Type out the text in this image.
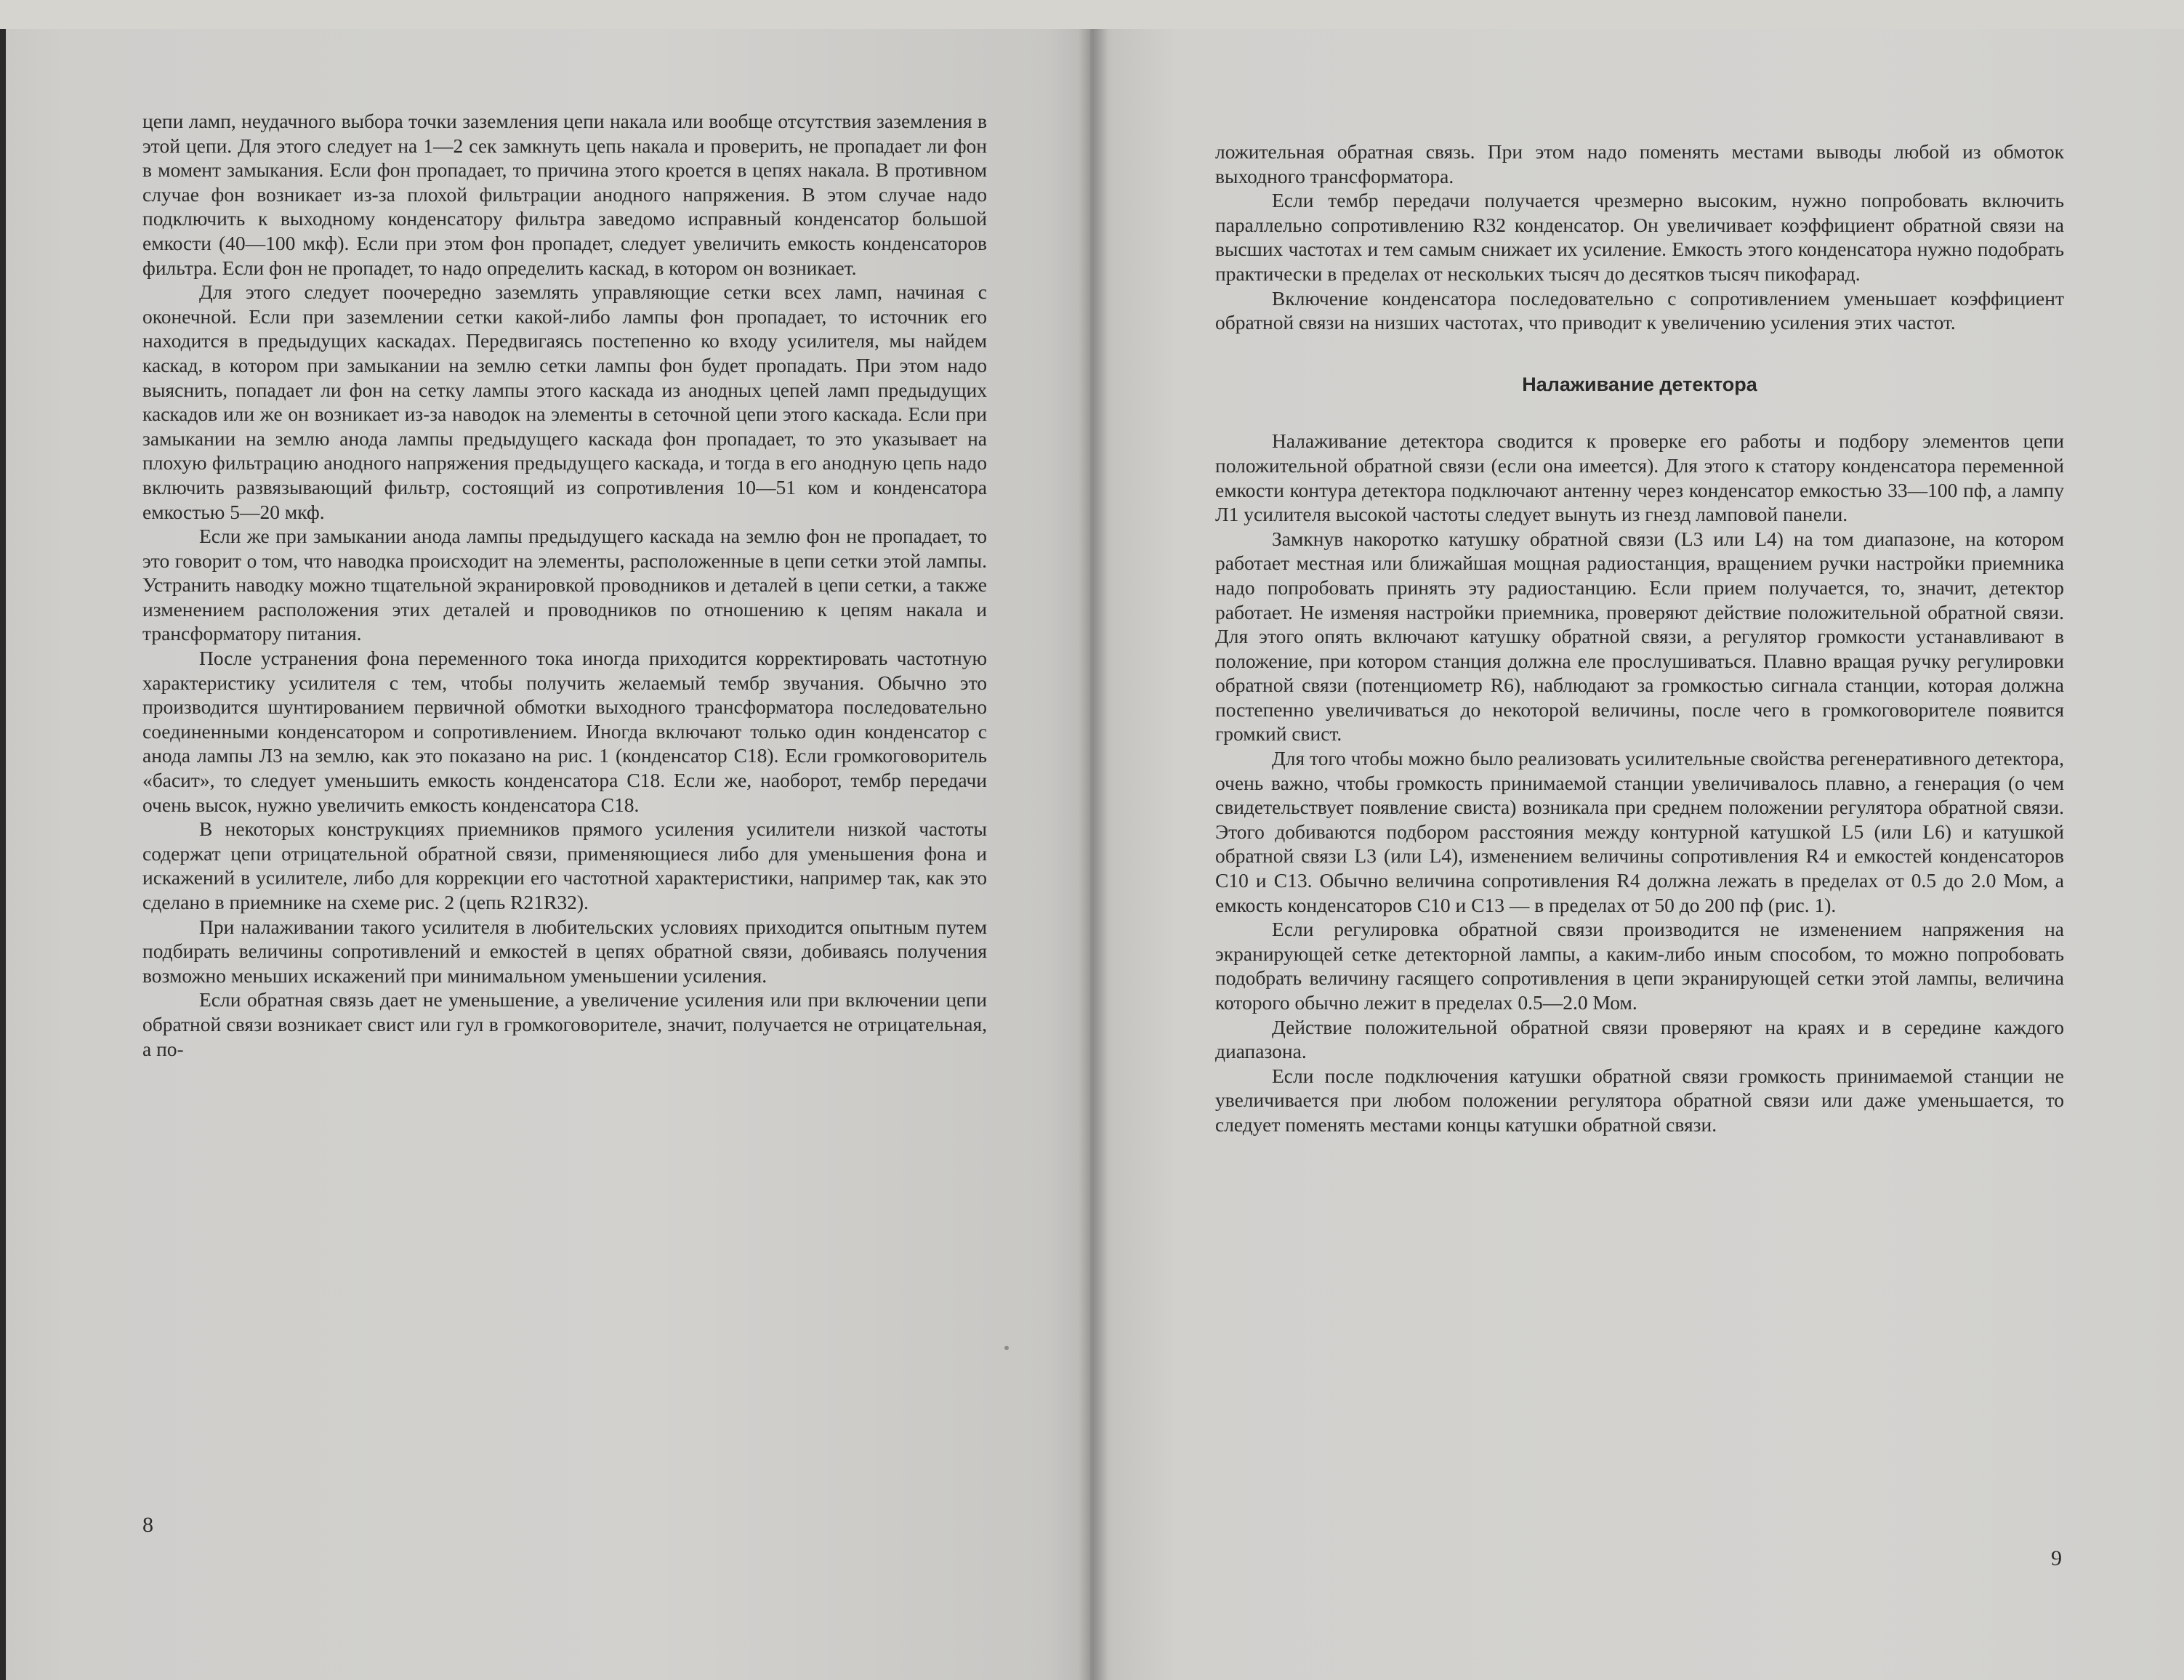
цепи ламп, неудачного выбора точки заземления цепи накала или вообще отсутствия заземления в этой цепи. Для этого следует на 1—2 сек замкнуть цепь накала и проверить, не пропадает ли фон в момент замыкания. Если фон пропадает, то причина этого кроется в цепях накала. В противном случае фон возникает из-за плохой фильтрации анодного напряжения. В этом случае надо подключить к выходному конденсатору фильтра заведомо исправный конденсатор большой емкости (40—100 мкф). Если при этом фон пропадет, следует увеличить емкость конденсаторов фильтра. Если фон не пропадет, то надо определить каскад, в котором он возникает.

Для этого следует поочередно заземлять управляющие сетки всех ламп, начиная с оконечной. Если при заземлении сетки какой-либо лампы фон пропадает, то источник его находится в предыдущих каскадах. Передвигаясь постепенно ко входу усилителя, мы найдем каскад, в котором при замыкании на землю сетки лампы фон будет пропадать. При этом надо выяснить, попадает ли фон на сетку лампы этого каскада из анодных цепей ламп предыдущих каскадов или же он возникает из-за наводок на элементы в сеточной цепи этого каскада. Если при замыкании на землю анода лампы предыдущего каскада фон пропадает, то это указывает на плохую фильтрацию анодного напряжения предыдущего каскада, и тогда в его анодную цепь надо включить развязывающий фильтр, состоящий из сопротивления 10—51 ком и конденсатора емкостью 5—20 мкф.

Если же при замыкании анода лампы предыдущего каскада на землю фон не пропадает, то это говорит о том, что наводка происходит на элементы, расположенные в цепи сетки этой лампы. Устранить наводку можно тщательной экранировкой проводников и деталей в цепи сетки, а также изменением расположения этих деталей и проводников по отношению к цепям накала и трансформатору питания.

После устранения фона переменного тока иногда приходится корректировать частотную характеристику усилителя с тем, чтобы получить желаемый тембр звучания. Обычно это производится шунтированием первичной обмотки выходного трансформатора последовательно соединенными конденсатором и сопротивлением. Иногда включают только один конденсатор с анода лампы Л3 на землю, как это показано на рис. 1 (конденсатор C18). Если громкоговоритель «басит», то следует уменьшить емкость конденсатора C18. Если же, наоборот, тембр передачи очень высок, нужно увеличить емкость конденсатора C18.

В некоторых конструкциях приемников прямого усиления усилители низкой частоты содержат цепи отрицательной обратной связи, применяющиеся либо для уменьшения фона и искажений в усилителе, либо для коррекции его частотной характеристики, например так, как это сделано в приемнике на схеме рис. 2 (цепь R21R32).

При налаживании такого усилителя в любительских условиях приходится опытным путем подбирать величины сопротивлений и емкостей в цепях обратной связи, добиваясь получения возможно меньших искажений при минимальном уменьшении усиления.

Если обратная связь дает не уменьшение, а увеличение усиления или при включении цепи обратной связи возникает свист или гул в громкоговорителе, значит, получается не отрицательная, а по-

8

ложительная обратная связь. При этом надо поменять местами выводы любой из обмоток выходного трансформатора.

Если тембр передачи получается чрезмерно высоким, нужно попробовать включить параллельно сопротивлению R32 конденсатор. Он увеличивает коэффициент обратной связи на высших частотах и тем самым снижает их усиление. Емкость этого конденсатора нужно подобрать практически в пределах от нескольких тысяч до десятков тысяч пикофарад.

Включение конденсатора последовательно с сопротивлением уменьшает коэффициент обратной связи на низших частотах, что приводит к увеличению усиления этих частот.

Налаживание детектора

Налаживание детектора сводится к проверке его работы и подбору элементов цепи положительной обратной связи (если она имеется). Для этого к статору конденсатора переменной емкости контура детектора подключают антенну через конденсатор емкостью 33—100 пф, а лампу Л1 усилителя высокой частоты следует вынуть из гнезд ламповой панели.

Замкнув накоротко катушку обратной связи (L3 или L4) на том диапазоне, на котором работает местная или ближайшая мощная радиостанция, вращением ручки настройки приемника надо попробовать принять эту радиостанцию. Если прием получается, то, значит, детектор работает. Не изменяя настройки приемника, проверяют действие положительной обратной связи. Для этого опять включают катушку обратной связи, а регулятор громкости устанавливают в положение, при котором станция должна еле прослушиваться. Плавно вращая ручку регулировки обратной связи (потенциометр R6), наблюдают за громкостью сигнала станции, которая должна постепенно увеличиваться до некоторой величины, после чего в громкоговорителе появится громкий свист.

Для того чтобы можно было реализовать усилительные свойства регенеративного детектора, очень важно, чтобы громкость принимаемой станции увеличивалось плавно, а генерация (о чем свидетельствует появление свиста) возникала при среднем положении регулятора обратной связи. Этого добиваются подбором расстояния между контурной катушкой L5 (или L6) и катушкой обратной связи L3 (или L4), изменением величины сопротивления R4 и емкостей конденсаторов C10 и C13. Обычно величина сопротивления R4 должна лежать в пределах от 0.5 до 2.0 Мом, а емкость конденсаторов C10 и C13 — в пределах от 50 до 200 пф (рис. 1).

Если регулировка обратной связи производится не изменением напряжения на экранирующей сетке детекторной лампы, а каким-либо иным способом, то можно попробовать подобрать величину гасящего сопротивления в цепи экранирующей сетки этой лампы, величина которого обычно лежит в пределах 0.5—2.0 Мом.

Действие положительной обратной связи проверяют на краях и в середине каждого диапазона.

Если после подключения катушки обратной связи громкость принимаемой станции не увеличивается при любом положении регулятора обратной связи или даже уменьшается, то следует поменять местами концы катушки обратной связи.

9
